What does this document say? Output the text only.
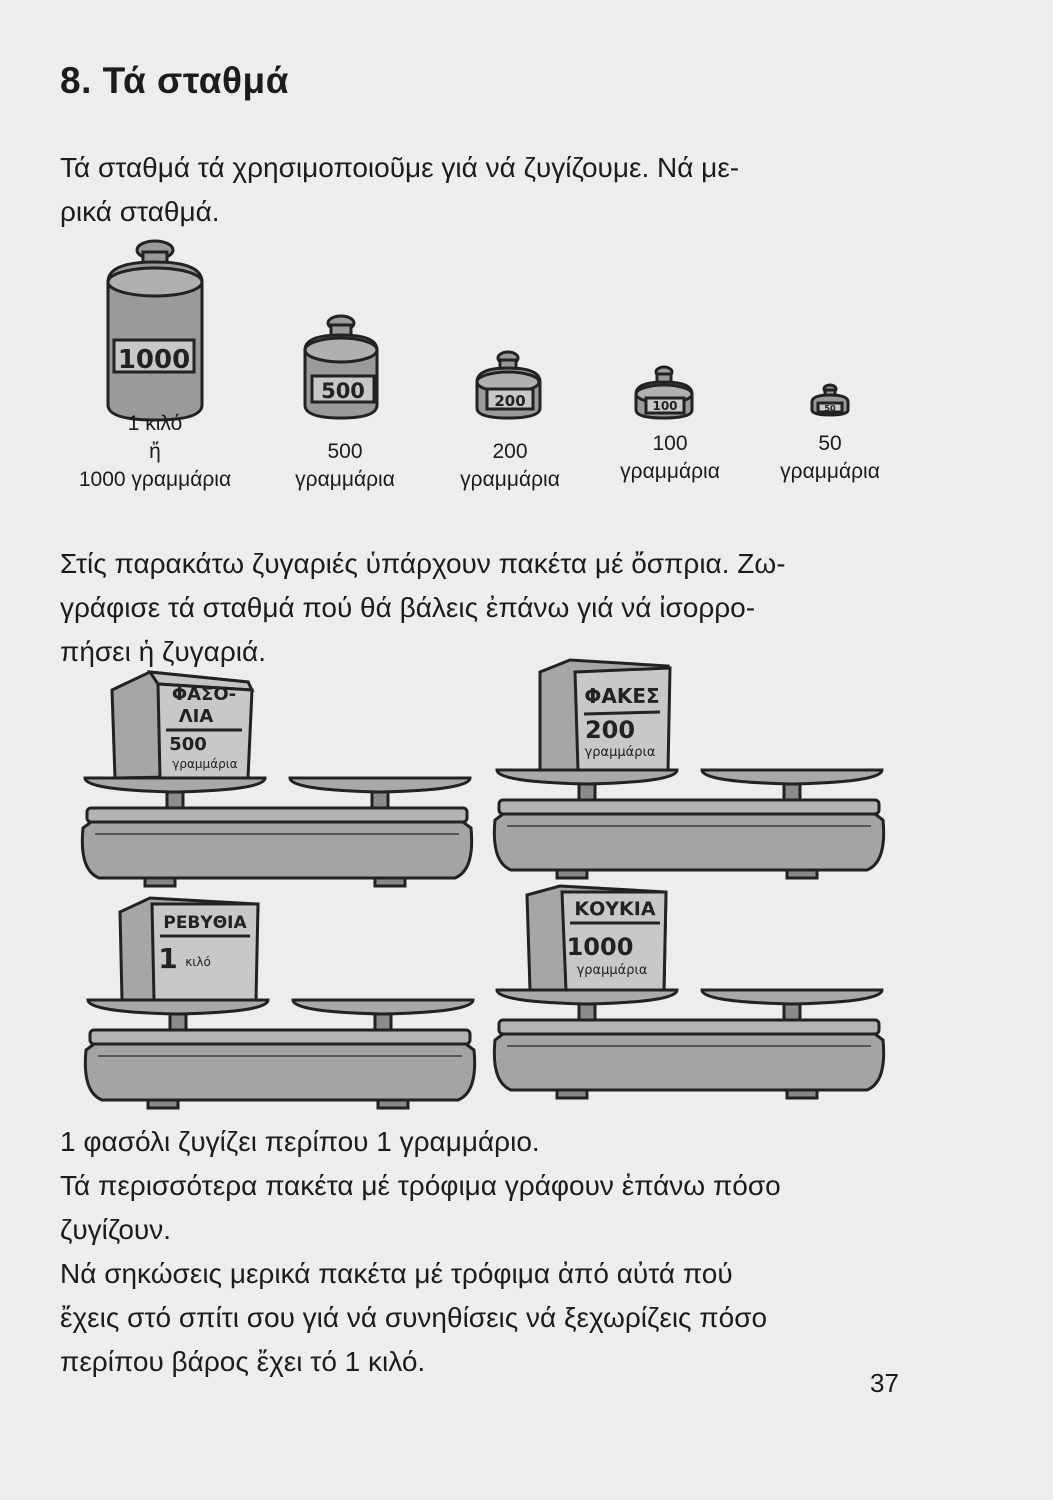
8. Τά σταθμά
Τά σταθμά τά χρησιμοποιοῦμε γιά νά ζυγίζουμε. Νά με-
ρικά σταθμά.
1000
500	200	100	50
1 κιλό
ἤ
1000 γραμμάρια
500
γραμμάρια
200
γραμμάρια
100
γραμμάρια
50
γραμμάρια
Στίς παρακάτω ζυγαριές ὑπάρχουν πακέτα μέ ὄσπρια. Ζω-
γράφισε τά σταθμά πού θά βάλεις ἐπάνω γιά νά ἰσορρο-
πήσει ἡ ζυγαριά.
ΦΑΣΟ-
ΛΙΑ
500
γραμμάρια
ΦΑΚΕΣ
200
γραμμάρια
ΡΕΒΥΘΙΑ
1 κιλό
ΚΟΥΚΙΑ
1000
γραμμάρια
1 φασόλι ζυγίζει περίπου 1 γραμμάριο.
Τά περισσότερα πακέτα μέ τρόφιμα γράφουν ἐπάνω πόσο
ζυγίζουν.
Νά σηκώσεις μερικά πακέτα μέ τρόφιμα ἀπό αὐτά πού
ἔχεις στό σπίτι σου γιά νά συνηθίσεις νά ξεχωρίζεις πόσο
περίπου βάρος ἔχει τό 1 κιλό.
37
